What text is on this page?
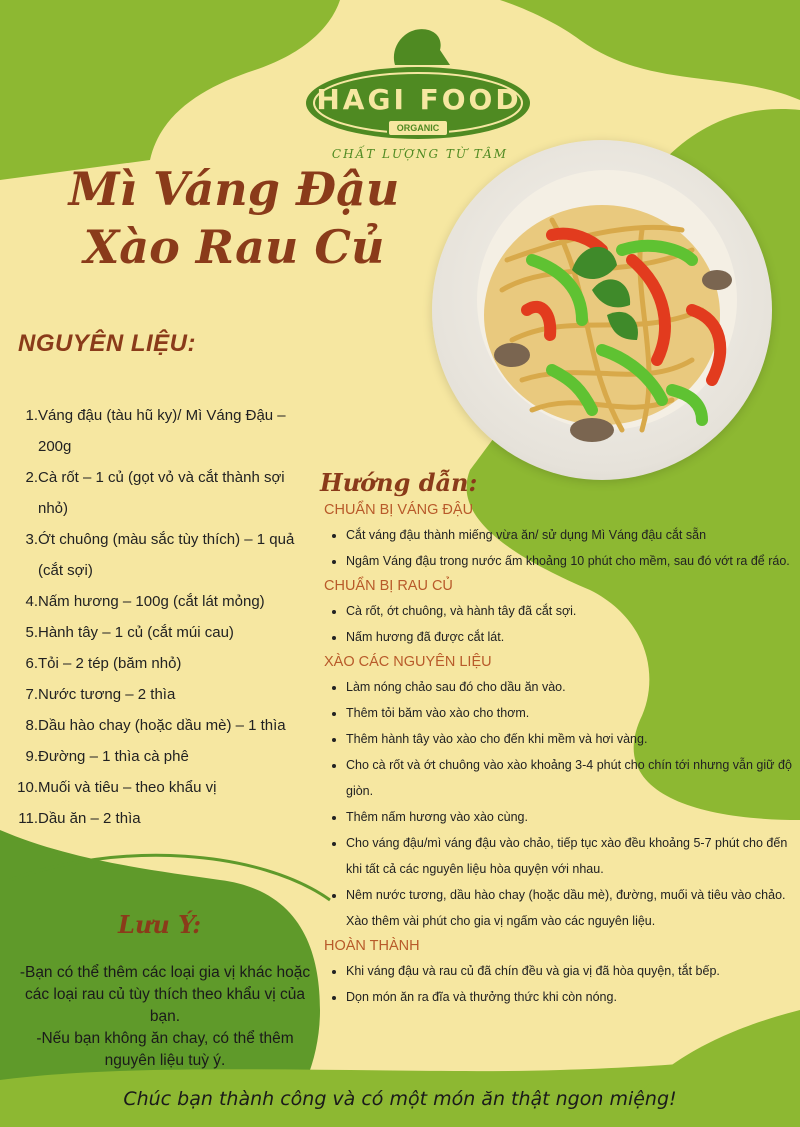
HAGI FOOD
ORGANIC
CHẤT LƯỢNG TỪ TÂM
Mì Váng Đậu
Xào Rau Củ
NGUYÊN LIỆU:
1. Váng đậu (tàu hũ ky)/ Mì Váng Đậu – 200g
2. Cà rốt – 1 củ (gọt vỏ và cắt thành sợi nhỏ)
3. Ớt chuông (màu sắc tùy thích) – 1 quả (cắt sợi)
4. Nấm hương – 100g (cắt lát mỏng)
5. Hành tây – 1 củ (cắt múi cau)
6. Tỏi – 2 tép (băm nhỏ)
7. Nước tương – 2 thìa
8. Dầu hào chay (hoặc dầu mè) – 1 thìa
9. Đường – 1 thìa cà phê
10. Muối và tiêu – theo khẩu vị
11. Dầu ăn – 2 thìa
Hướng dẫn:
CHUẨN BỊ VÁNG ĐẬU
• Cắt váng đậu thành miếng vừa ăn/ sử dụng Mì Váng đậu cắt sẵn
• Ngâm Váng đậu trong nước ấm khoảng 10 phút cho mềm, sau đó vớt ra để ráo.
CHUẨN BỊ RAU CỦ
• Cà rốt, ớt chuông, và hành tây đã cắt sợi.
• Nấm hương đã được cắt lát.
XÀO CÁC NGUYÊN LIỆU
• Làm nóng chảo sau đó cho dầu ăn vào.
• Thêm tỏi băm vào xào cho thơm.
• Thêm hành tây vào xào cho đến khi mềm và hơi vàng.
• Cho cà rốt và ớt chuông vào xào khoảng 3-4 phút cho chín tới nhưng vẫn giữ độ giòn.
• Thêm nấm hương vào xào cùng.
• Cho váng đậu/mì váng đậu vào chảo, tiếp tục xào đều khoảng 5-7 phút cho đến khi tất cả các nguyên liệu hòa quyện với nhau.
• Nêm nước tương, dầu hào chay (hoặc dầu mè), đường, muối và tiêu vào chảo. Xào thêm vài phút cho gia vị ngấm vào các nguyên liệu.
HOÀN THÀNH
• Khi váng đậu và rau củ đã chín đều và gia vị đã hòa quyện, tắt bếp.
• Dọn món ăn ra đĩa và thưởng thức khi còn nóng.
Lưu Ý:
-Bạn có thể thêm các loại gia vị khác hoặc các loại rau củ tùy thích theo khẩu vị của bạn.
-Nếu bạn không ăn chay, có thể thêm nguyên liệu tuỳ ý.
Chúc bạn thành công và có một món ăn thật ngon miệng!
